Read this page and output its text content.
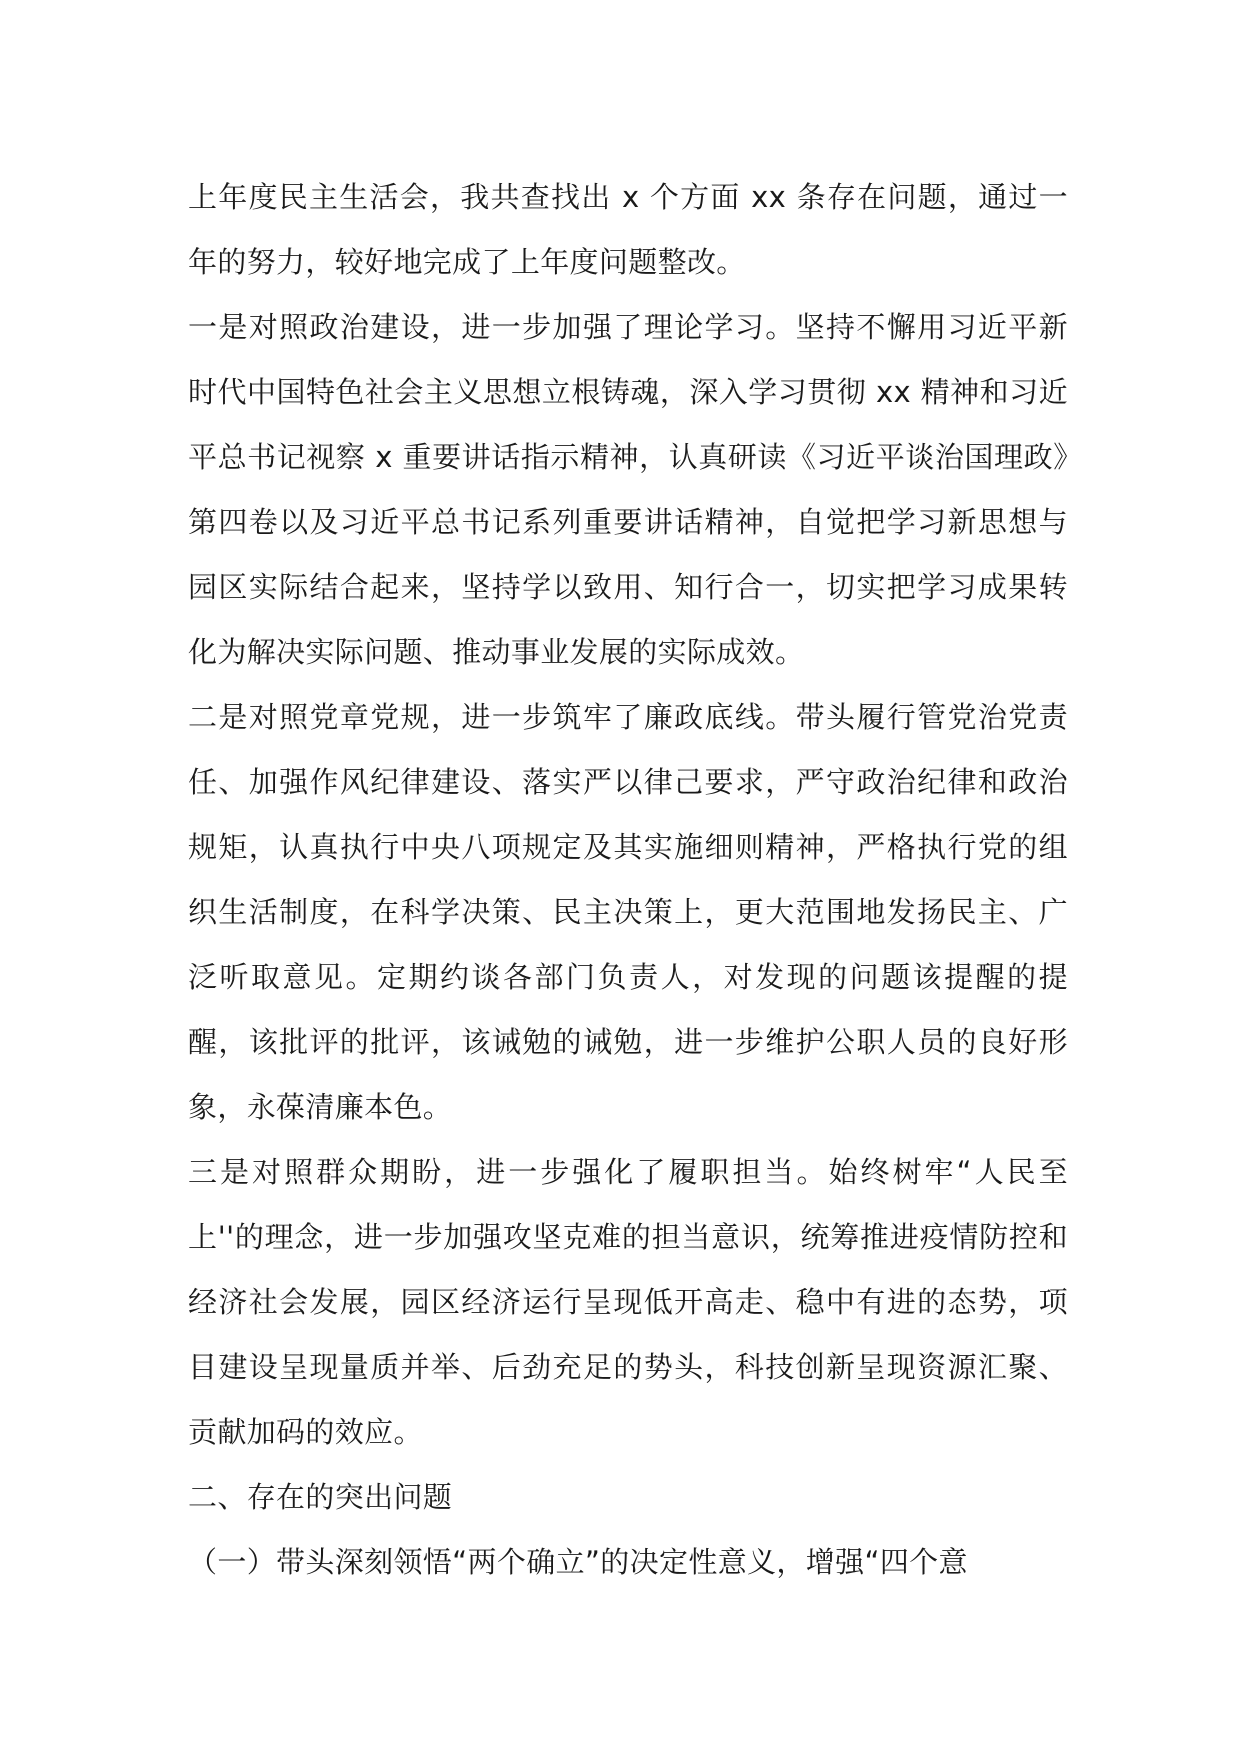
上年度民主生活会，我共查找出 x 个方面 xx 条存在问题，通过一年的努力，较好地完成了上年度问题整改。

一是对照政治建设，进一步加强了理论学习。坚持不懈用习近平新时代中国特色社会主义思想立根铸魂，深入学习贯彻 xx 精神和习近平总书记视察 x 重要讲话指示精神，认真研读《习近平谈治国理政》第四卷以及习近平总书记系列重要讲话精神，自觉把学习新思想与园区实际结合起来，坚持学以致用、知行合一，切实把学习成果转化为解决实际问题、推动事业发展的实际成效。

二是对照党章党规，进一步筑牢了廉政底线。带头履行管党治党责任、加强作风纪律建设、落实严以律己要求，严守政治纪律和政治规矩，认真执行中央八项规定及其实施细则精神，严格执行党的组织生活制度，在科学决策、民主决策上，更大范围地发扬民主、广泛听取意见。定期约谈各部门负责人，对发现的问题该提醒的提醒，该批评的批评，该诫勉的诫勉，进一步维护公职人员的良好形象，永葆清廉本色。

三是对照群众期盼，进一步强化了履职担当。始终树牢“人民至上''的理念，进一步加强攻坚克难的担当意识，统筹推进疫情防控和经济社会发展，园区经济运行呈现低开高走、稳中有进的态势，项目建设呈现量质并举、后劲充足的势头，科技创新呈现资源汇聚、贡献加码的效应。

二、存在的突出问题

（一）带头深刻领悟“两个确立”的决定性意义，增强“四个意
